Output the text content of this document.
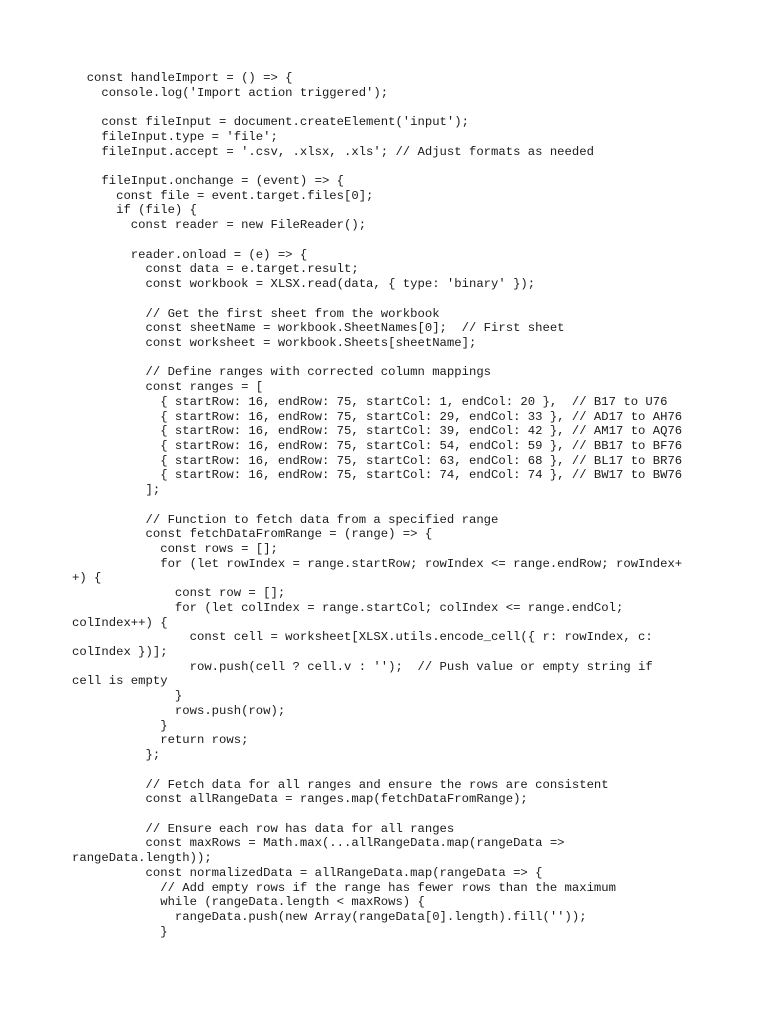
const handleImport = () => {
console.log('Import action triggered');
const fileInput = document.createElement('input');
fileInput.type = 'file';
fileInput.accept = '.csv, .xlsx, .xls'; // Adjust formats as needed
fileInput.onchange = (event) => {
const file = event.target.files[0];
if (file) {
const reader = new FileReader();
reader.onload = (e) => {
const data = e.target.result;
const workbook = XLSX.read(data, { type: 'binary' });
// Get the first sheet from the workbook
const sheetName = workbook.SheetNames[0];  // First sheet
const worksheet = workbook.Sheets[sheetName];
// Define ranges with corrected column mappings
const ranges = [
{ startRow: 16, endRow: 75, startCol: 1, endCol: 20 },  // B17 to U76
{ startRow: 16, endRow: 75, startCol: 29, endCol: 33 }, // AD17 to AH76
{ startRow: 16, endRow: 75, startCol: 39, endCol: 42 }, // AM17 to AQ76
{ startRow: 16, endRow: 75, startCol: 54, endCol: 59 }, // BB17 to BF76
{ startRow: 16, endRow: 75, startCol: 63, endCol: 68 }, // BL17 to BR76
{ startRow: 16, endRow: 75, startCol: 74, endCol: 74 }, // BW17 to BW76
];
// Function to fetch data from a specified range
const fetchDataFromRange = (range) => {
const rows = [];
for (let rowIndex = range.startRow; rowIndex <= range.endRow; rowIndex+
+) {
const row = [];
for (let colIndex = range.startCol; colIndex <= range.endCol;
colIndex++) {
const cell = worksheet[XLSX.utils.encode_cell({ r: rowIndex, c:
colIndex })];
row.push(cell ? cell.v : '');  // Push value or empty string if
cell is empty
}
rows.push(row);
}
return rows;
};
// Fetch data for all ranges and ensure the rows are consistent
const allRangeData = ranges.map(fetchDataFromRange);
// Ensure each row has data for all ranges
const maxRows = Math.max(...allRangeData.map(rangeData =>
rangeData.length));
const normalizedData = allRangeData.map(rangeData => {
// Add empty rows if the range has fewer rows than the maximum
while (rangeData.length < maxRows) {
rangeData.push(new Array(rangeData[0].length).fill(''));
}
